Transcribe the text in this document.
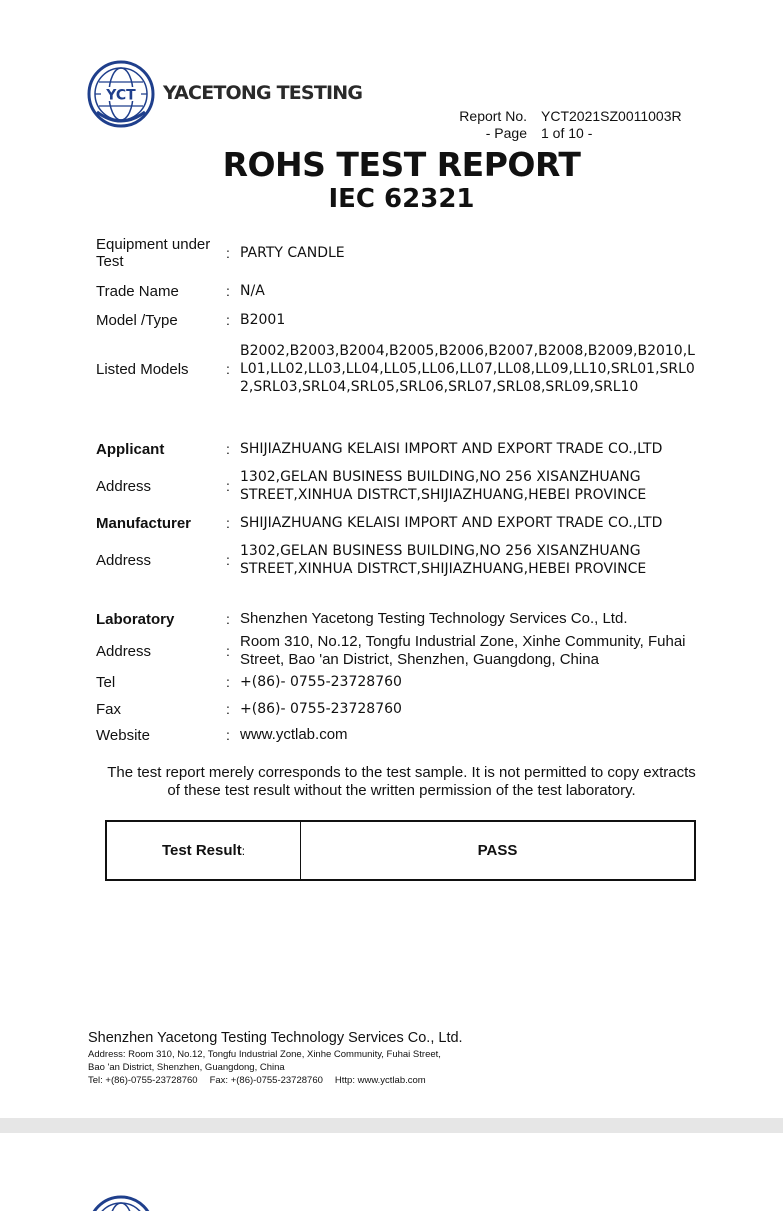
YCT YACETONG TESTING
Report No.	YCT2021SZ0011003R
- Page	1 of 10 -
ROHS TEST REPORT
IEC 62321
Equipment under Test	: PARTY CANDLE
Trade Name	: N/A
Model /Type	: B2001
Listed Models	:
B2002,B2003,B2004,B2005,B2006,B2007,B2008,B2009,B2010,LL01,LL02,LL03,LL04,LL05,LL06,LL07,LL08,LL09,LL10,SRL01,SRL02,SRL03,SRL04,SRL05,SRL06,SRL07,SRL08,SRL09,SRL10
Applicant	: SHIJIAZHUANG KELAISI IMPORT AND EXPORT TRADE CO.,LTD
Address	:
1302,GELAN BUSINESS BUILDING,NO 256 XISANZHUANG STREET,XINHUA DISTRCT,SHIJIAZHUANG,HEBEI PROVINCE
Manufacturer	: SHIJIAZHUANG KELAISI IMPORT AND EXPORT TRADE CO.,LTD
Address	:
1302,GELAN BUSINESS BUILDING,NO 256 XISANZHUANG STREET,XINHUA DISTRCT,SHIJIAZHUANG,HEBEI PROVINCE
Laboratory	: Shenzhen Yacetong Testing Technology Services Co., Ltd.
Address	:
Room 310, No.12, Tongfu Industrial Zone, Xinhe Community, Fuhai Street, Bao 'an District, Shenzhen, Guangdong, China
Tel	: +(86)- 0755-23728760
Fax	: +(86)- 0755-23728760
Website	: www.yctlab.com
The test report merely corresponds to the test sample. It is not permitted to copy extracts of these test result without the written permission of the test laboratory.
Test Result :	PASS
Shenzhen Yacetong Testing Technology Services Co., Ltd.
Address: Room 310, No.12, Tongfu Industrial Zone, Xinhe Community, Fuhai Street,
Bao 'an District, Shenzhen, Guangdong, China
Tel: +(86)-0755-23728760 Fax: +(86)-0755-23728760 Http: www.yctlab.com
